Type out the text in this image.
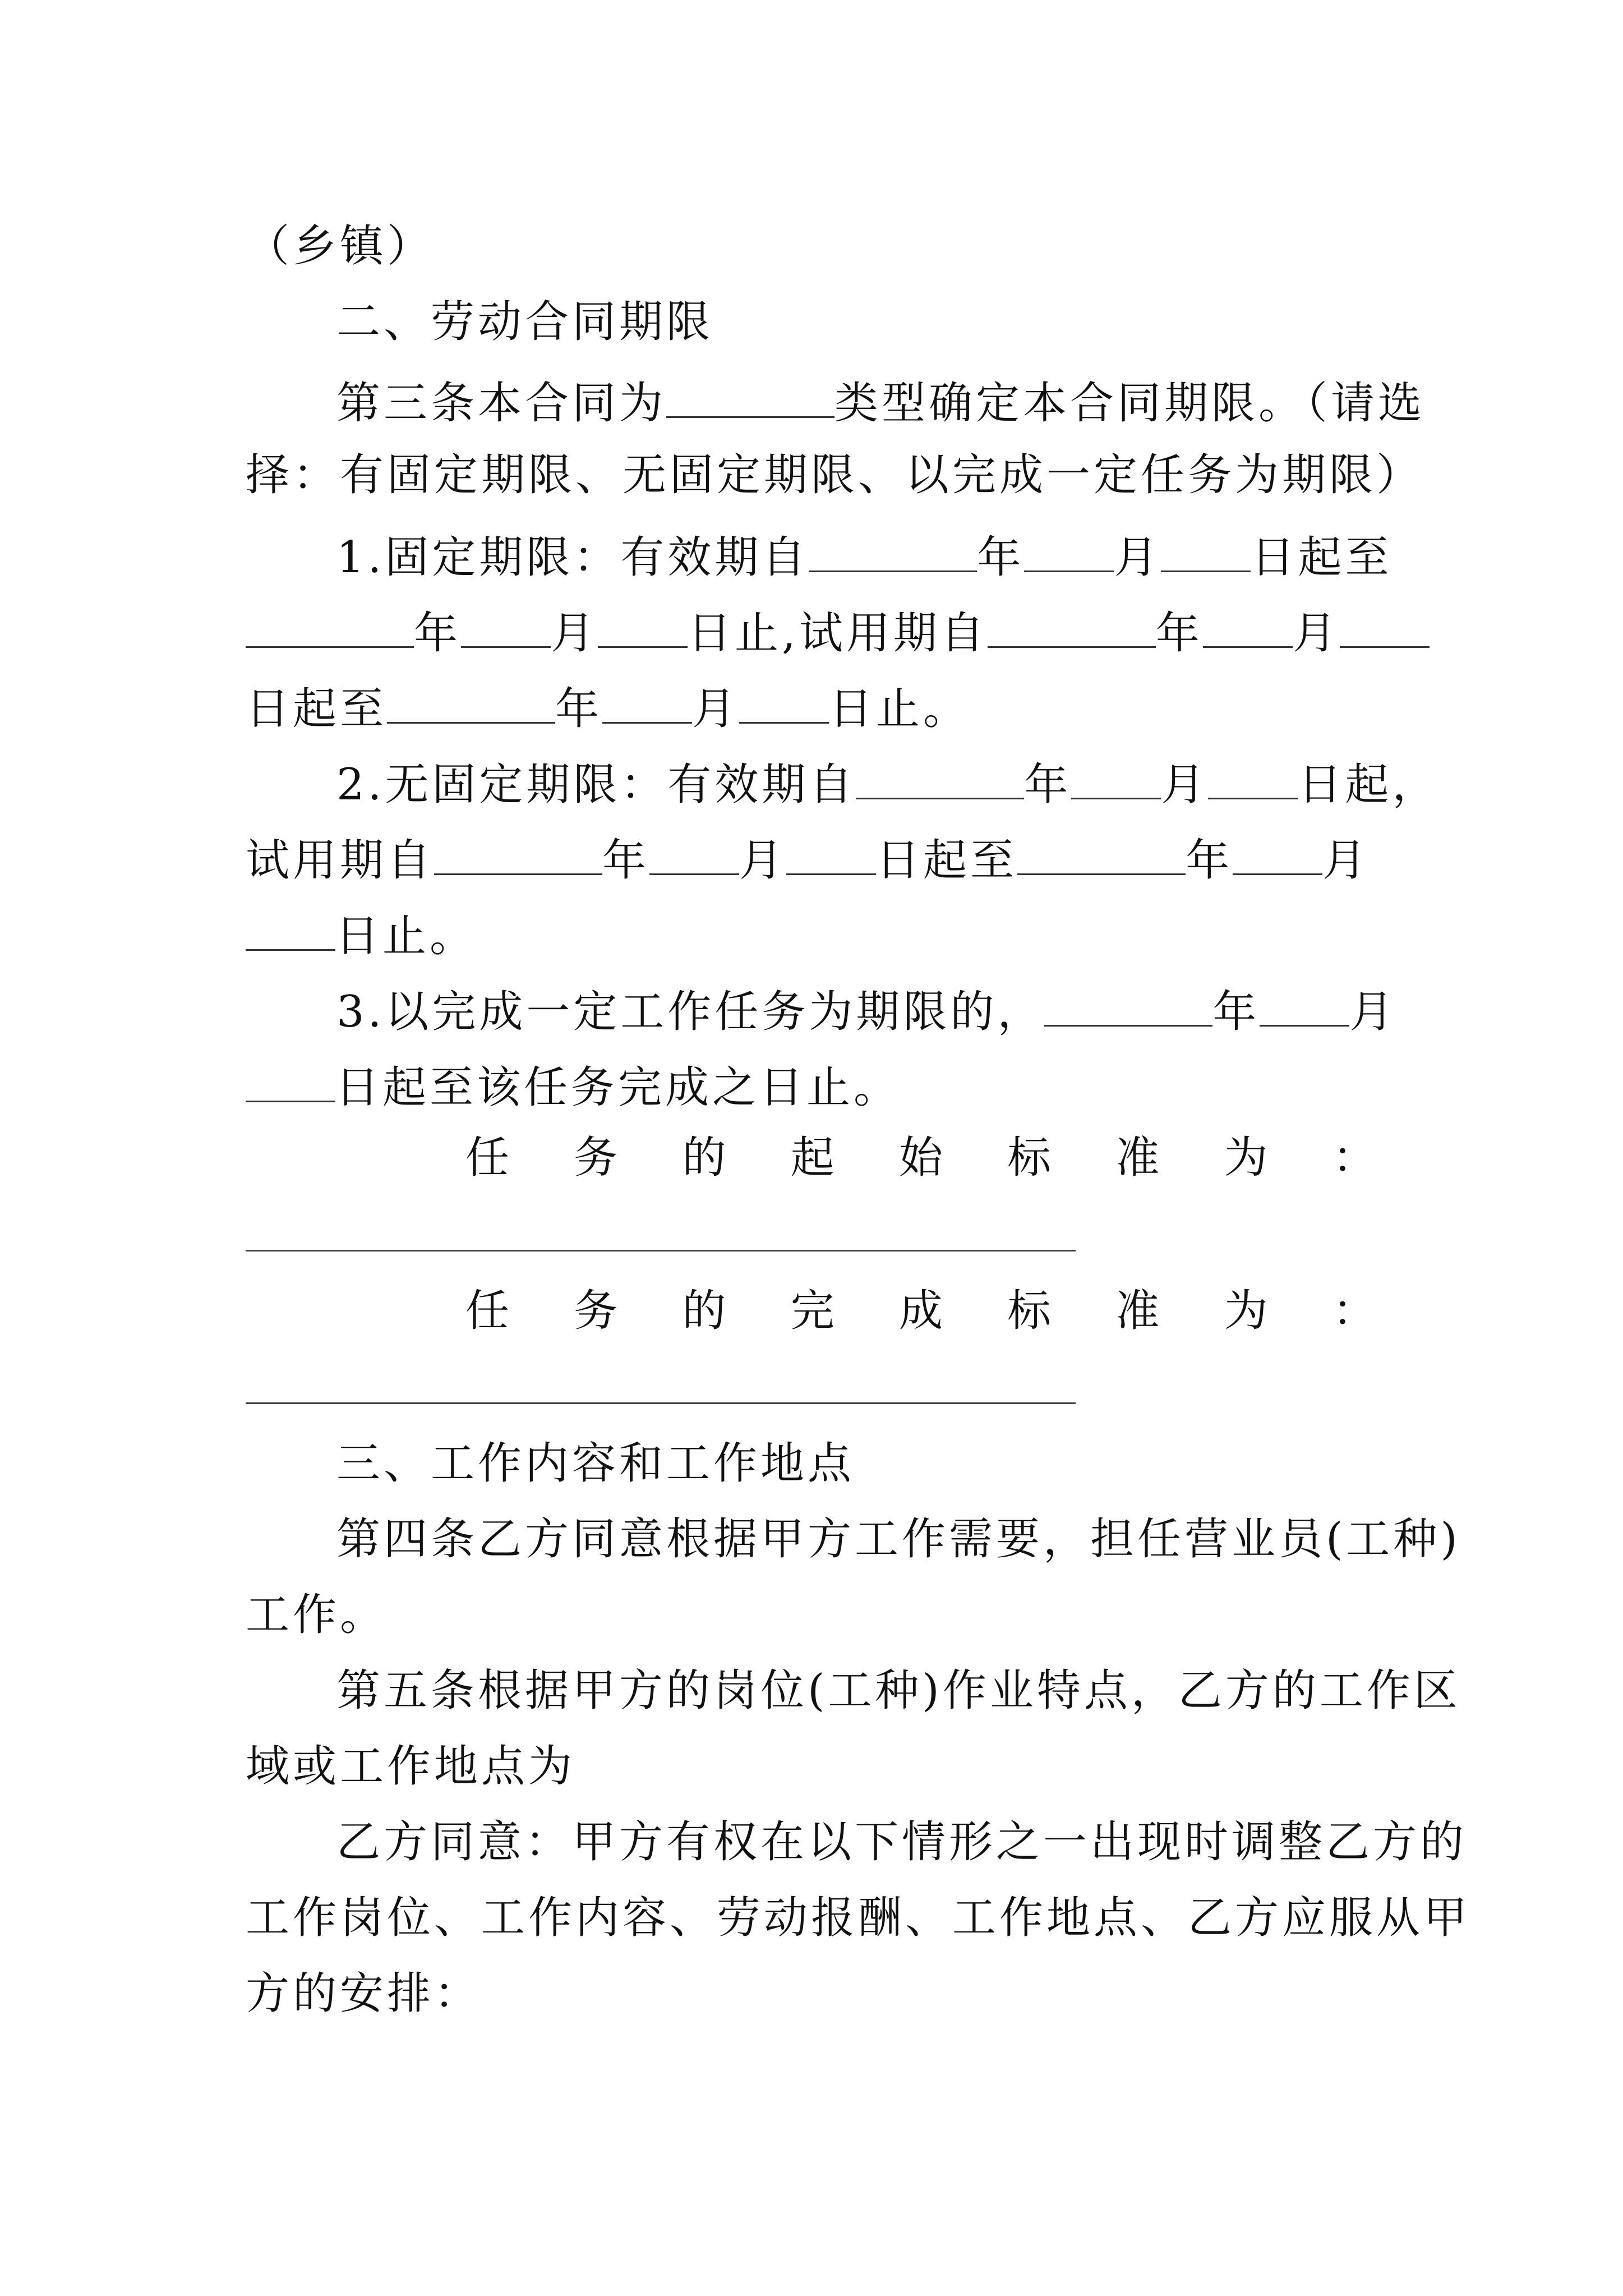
（乡镇）
二、劳动合同期限
第三条本合同为	类型确定本合同期限。（请选
择：有固定期限、无固定期限、以完成一定任务为期限）
1.固定期限：有效期自	年 月 日起至
年 月 日止,试用期自	年 月
日起至	年 月 日止。
2.无固定期限：有效期自	年 月 日起，
试用期自	年 月 日起至	年 月
日止。
3.以完成一定工作任务为期限的，	年 月
日起至该任务完成之日止。
任 务 的 起 始 标 准 为 ：
任 务 的 完 成 标 准 为 ：
三、工作内容和工作地点
第四条乙方同意根据甲方工作需要，担任营业员(工种)
工作。
第五条根据甲方的岗位(工种)作业特点，乙方的工作区
域或工作地点为
乙方同意：甲方有权在以下情形之一出现时调整乙方的
工作岗位、工作内容、劳动报酬、工作地点、乙方应服从甲
方的安排：
